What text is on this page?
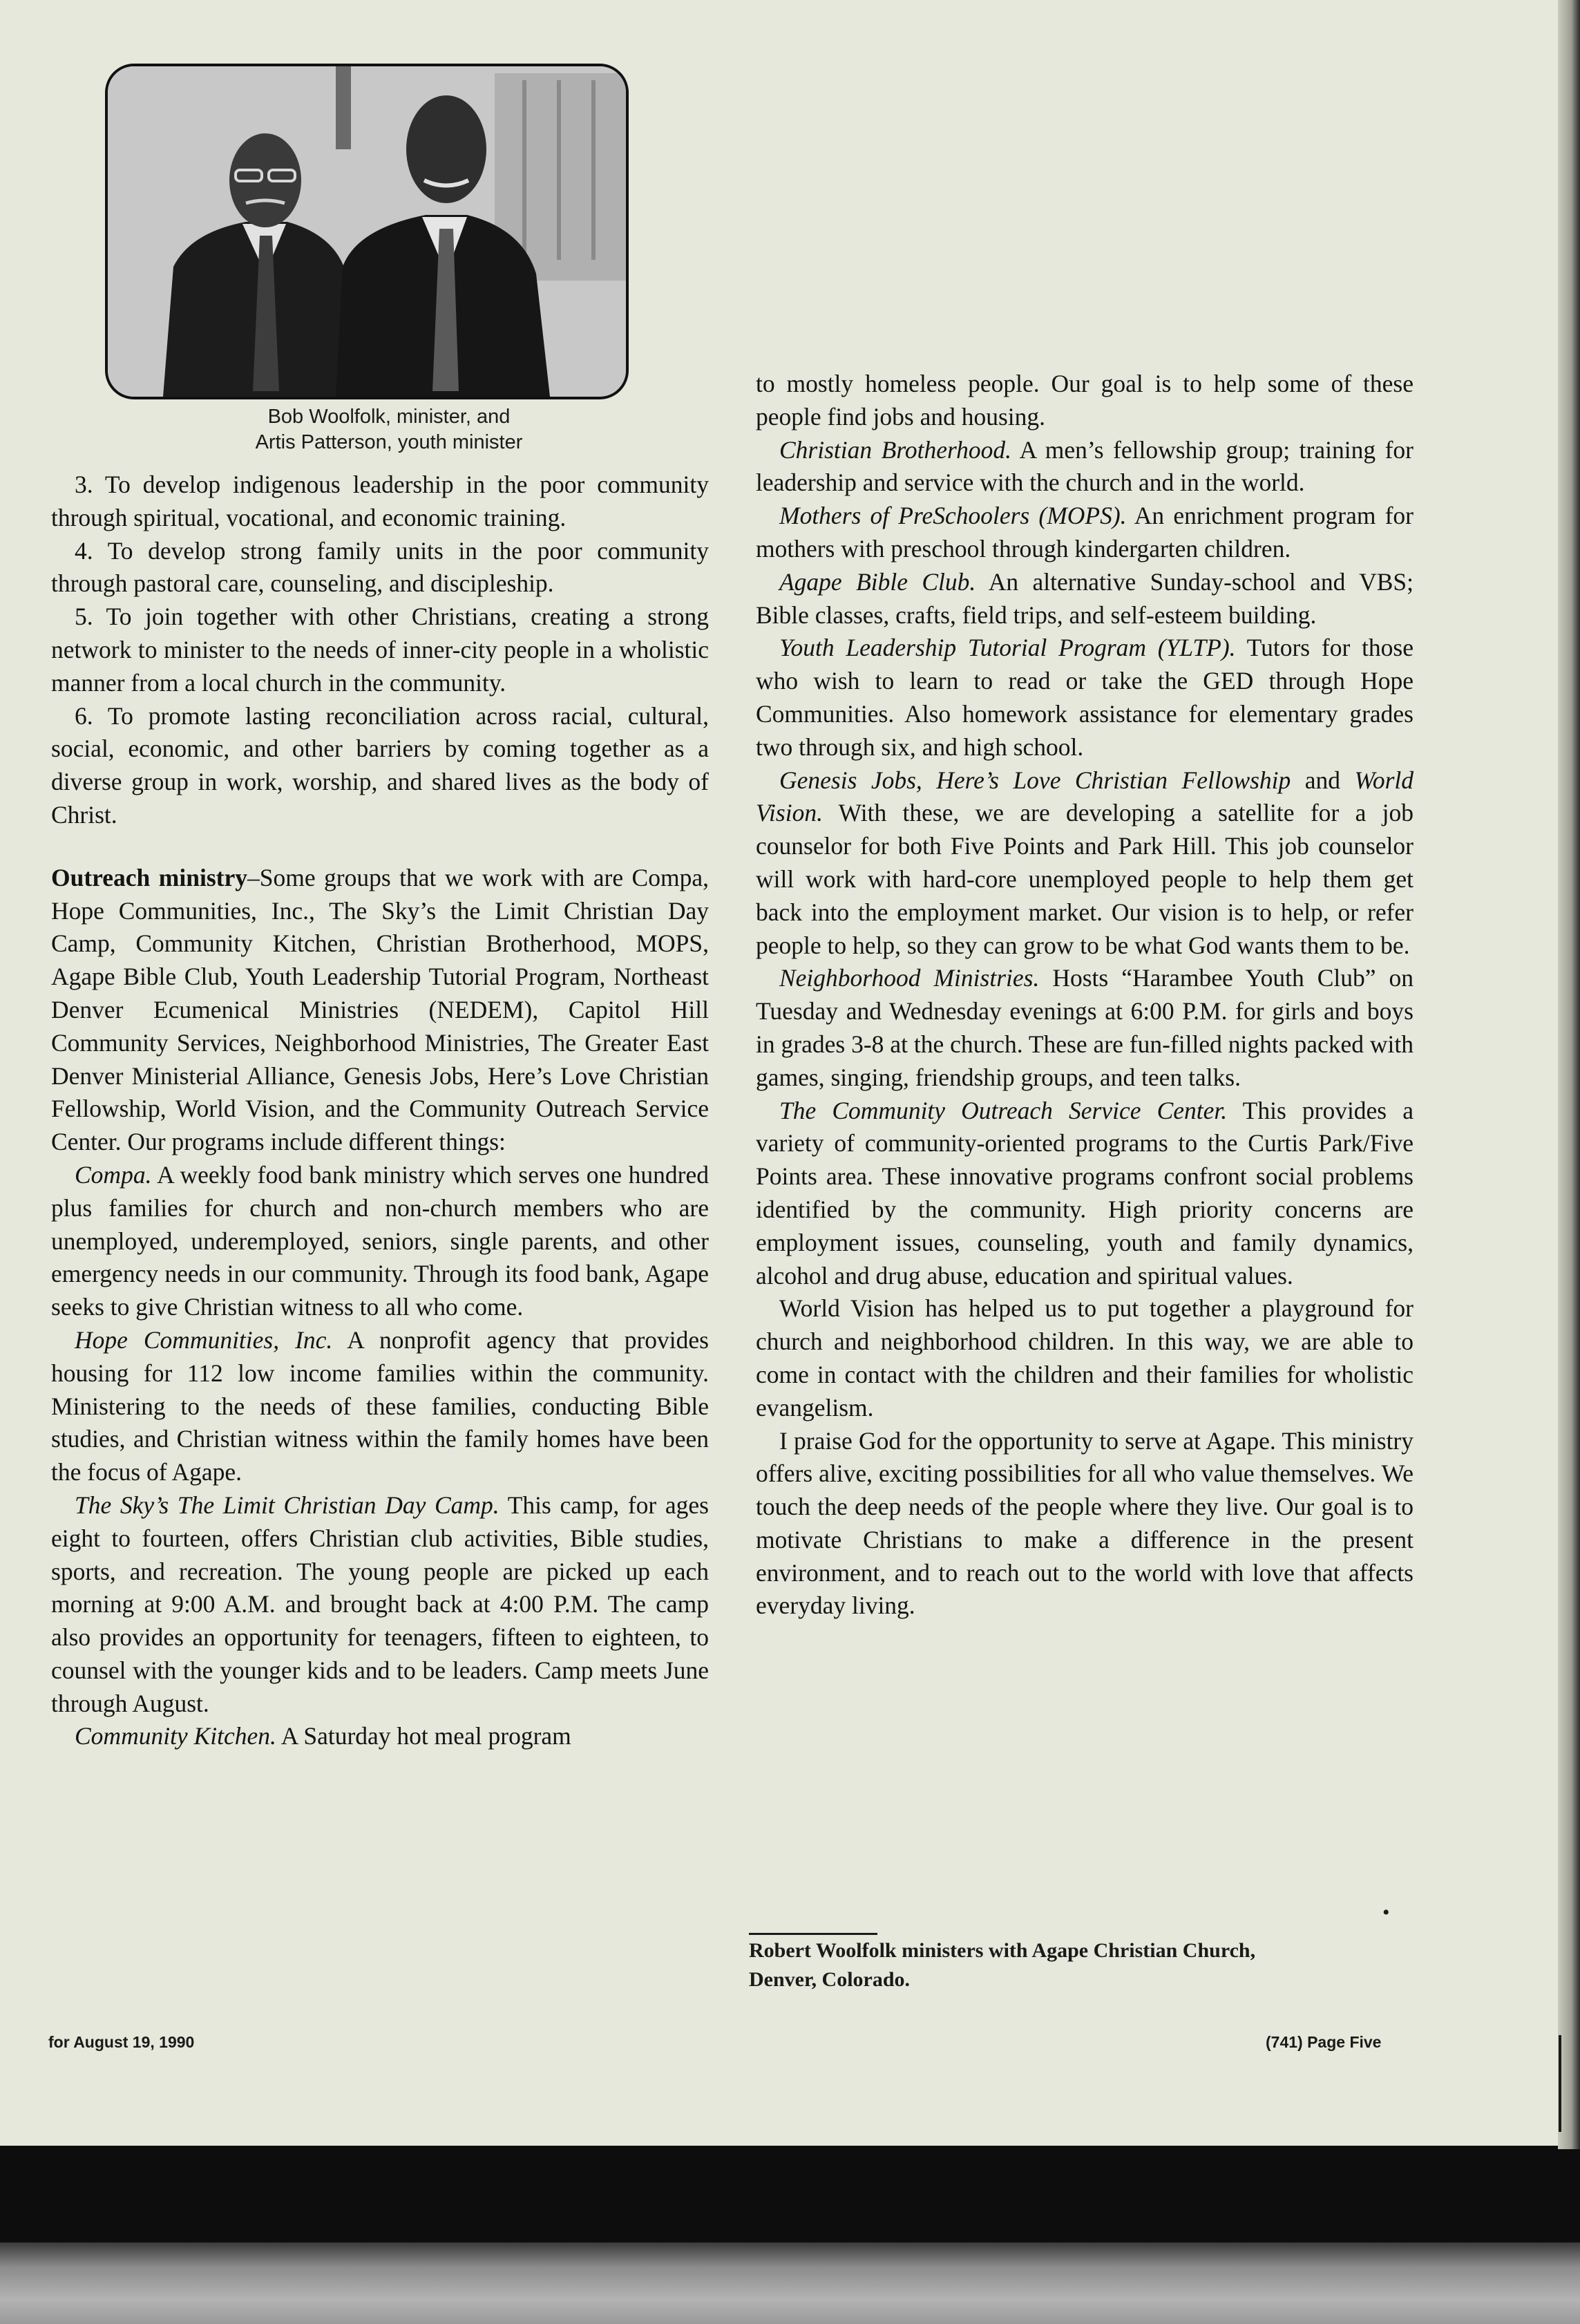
Bob Woolfolk, minister, and
Artis Patterson, youth minister

3. To develop indigenous leadership in the poor community through spiritual, vocational, and economic training.

4. To develop strong family units in the poor community through pastoral care, counseling, and discipleship.

5. To join together with other Christians, creating a strong network to minister to the needs of inner-city people in a wholistic manner from a local church in the community.

6. To promote lasting reconciliation across racial, cultural, social, economic, and other barriers by coming together as a diverse group in work, worship, and shared lives as the body of Christ.

Outreach ministry–Some groups that we work with are Compa, Hope Communities, Inc., The Sky’s the Limit Christian Day Camp, Community Kitchen, Christian Brotherhood, MOPS, Agape Bible Club, Youth Leadership Tutorial Program, Northeast Denver Ecumenical Ministries (NEDEM), Capitol Hill Community Services, Neighborhood Ministries, The Greater East Denver Ministerial Alliance, Genesis Jobs, Here’s Love Christian Fellowship, World Vision, and the Community Outreach Service Center. Our programs include different things:

Compa. A weekly food bank ministry which serves one hundred plus families for church and non-church members who are unemployed, underemployed, seniors, single parents, and other emergency needs in our community. Through its food bank, Agape seeks to give Christian witness to all who come.

Hope Communities, Inc. A nonprofit agency that provides housing for 112 low income families within the community. Ministering to the needs of these families, conducting Bible studies, and Christian witness within the family homes have been the focus of Agape.

The Sky’s The Limit Christian Day Camp. This camp, for ages eight to fourteen, offers Christian club activities, Bible studies, sports, and recreation. The young people are picked up each morning at 9:00 A.M. and brought back at 4:00 P.M. The camp also provides an opportunity for teenagers, fifteen to eighteen, to counsel with the younger kids and to be leaders. Camp meets June through August.

Community Kitchen. A Saturday hot meal program

to mostly homeless people. Our goal is to help some of these people find jobs and housing.

Christian Brotherhood. A men’s fellowship group; training for leadership and service with the church and in the world.

Mothers of PreSchoolers (MOPS). An enrichment program for mothers with preschool through kindergarten children.

Agape Bible Club. An alternative Sunday-school and VBS; Bible classes, crafts, field trips, and self-esteem building.

Youth Leadership Tutorial Program (YLTP). Tutors for those who wish to learn to read or take the GED through Hope Communities. Also homework assistance for elementary grades two through six, and high school.

Genesis Jobs, Here’s Love Christian Fellowship and World Vision. With these, we are developing a satellite for a job counselor for both Five Points and Park Hill. This job counselor will work with hard-core unemployed people to help them get back into the employment market. Our vision is to help, or refer people to help, so they can grow to be what God wants them to be.

Neighborhood Ministries. Hosts “Harambee Youth Club” on Tuesday and Wednesday evenings at 6:00 P.M. for girls and boys in grades 3-8 at the church. These are fun-filled nights packed with games, singing, friendship groups, and teen talks.

The Community Outreach Service Center. This provides a variety of community-oriented programs to the Curtis Park/Five Points area. These innovative programs confront social problems identified by the community. High priority concerns are employment issues, counseling, youth and family dynamics, alcohol and drug abuse, education and spiritual values.

World Vision has helped us to put together a playground for church and neighborhood children. In this way, we are able to come in contact with the children and their families for wholistic evangelism.

I praise God for the opportunity to serve at Agape. This ministry offers alive, exciting possibilities for all who value themselves. We touch the deep needs of the people where they live. Our goal is to motivate Christians to make a difference in the present environment, and to reach out to the world with love that affects everyday living.

•
Robert Woolfolk ministers with Agape Christian Church,
Denver, Colorado.
for August 19, 1990	(741) Page Five
